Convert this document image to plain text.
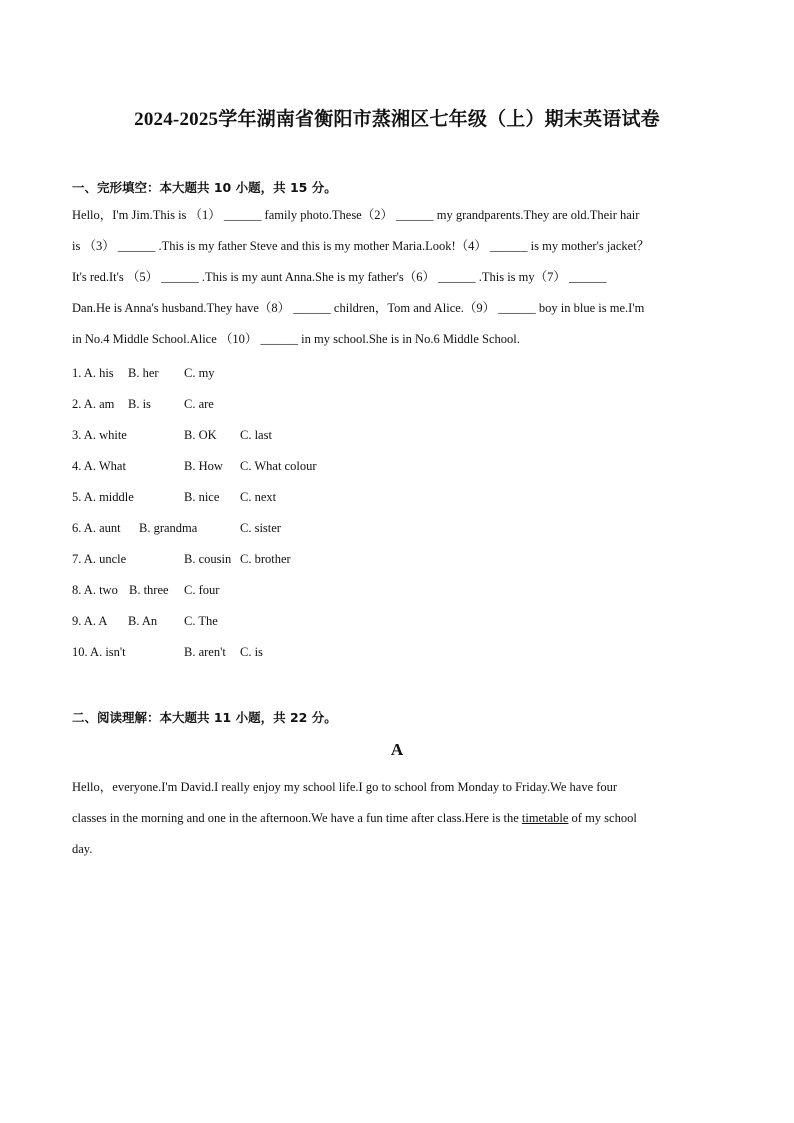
2024-2025学年湖南省衡阳市蒸湘区七年级（上）期末英语试卷
一、完形填空：本大题共 10 小题，共 15 分。

Hello，I'm Jim.This is （1） ______ family photo.These（2） ______ my grandparents.They are old.Their hair
is （3） ______ .This is my father Steve and this is my mother Maria.Look!（4） ______ is my mother's jacket？
It's red.It's （5） ______ .This is my aunt Anna.She is my father's（6） ______ .This is my（7） ______
Dan.He is Anna's husband.They have（8） ______ children，Tom and Alice.（9） ______ boy in blue is me.I'm
in No.4 Middle School.Alice （10） ______ in my school.She is in No.6 Middle School.

1. A. his B. her C. my
2. A. am B. is	C. are
3. A. white	B. OK C. last
4. A. What	B. How C. What colour
5. A. middle	B. nice C. next
6. A. aunt B. grandma	C. sister
7. A. uncle	B. cousin C. brother
8. A. two B. three C. four
9. A. A B. An C. The
10. A. isn't	B. aren't C. is
二、阅读理解：本大题共 11 小题，共 22 分。
A

Hello，everyone.I'm David.I really enjoy my school life.I go to school from Monday to Friday.We have four
classes in the morning and one in the afternoon.We have a fun time after class.Here is the timetable of my school
day.
